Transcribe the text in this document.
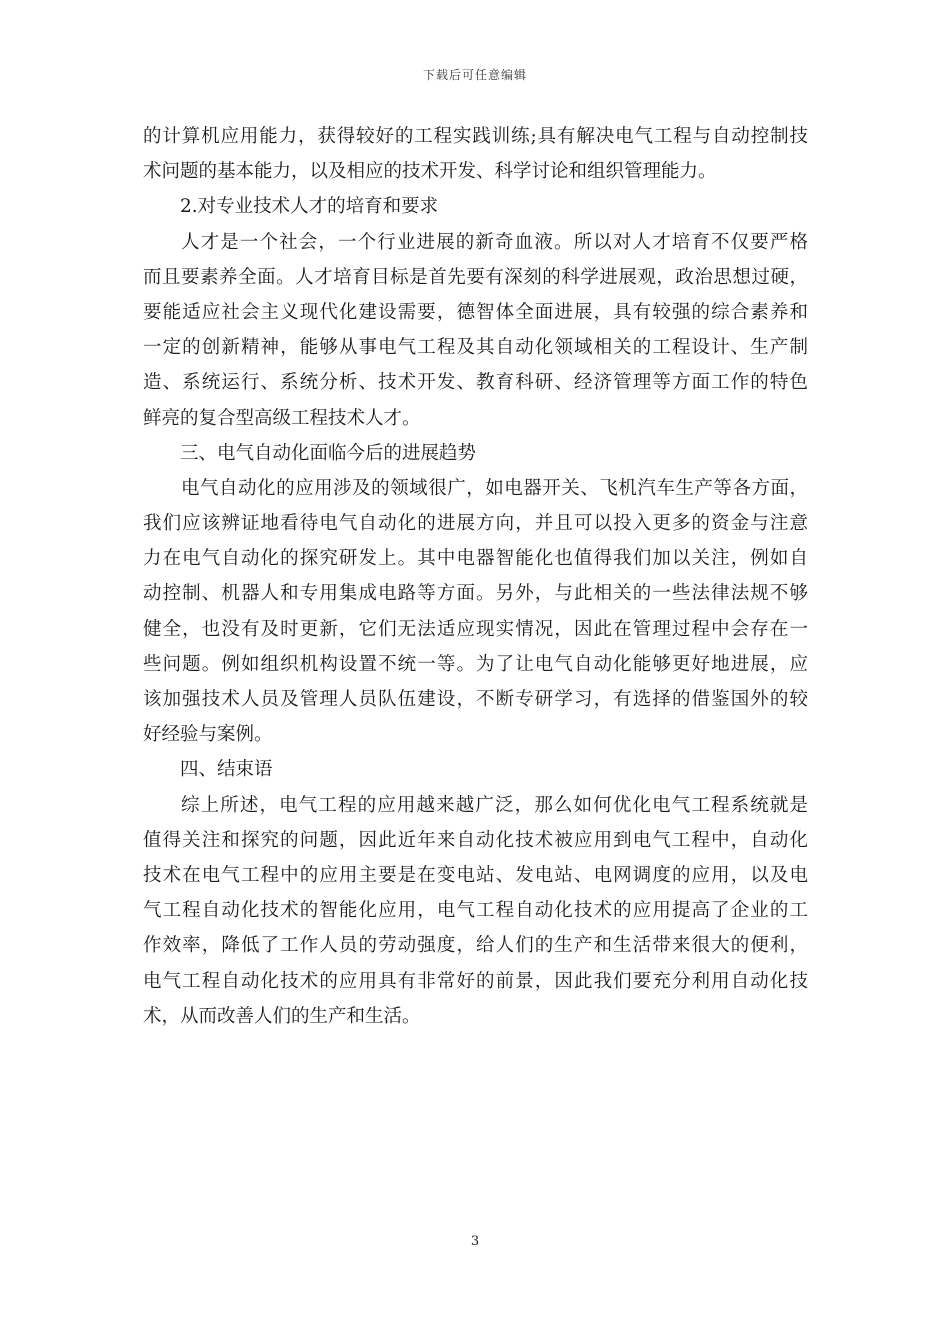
下载后可任意编辑
的计算机应用能力，获得较好的工程实践训练;具有解决电气工程与自动控制技
术问题的基本能力，以及相应的技术开发、科学讨论和组织管理能力。
2.对专业技术人才的培育和要求
人才是一个社会，一个行业进展的新奇血液。所以对人才培育不仅要严格
而且要素养全面。人才培育目标是首先要有深刻的科学进展观，政治思想过硬，
要能适应社会主义现代化建设需要，德智体全面进展，具有较强的综合素养和
一定的创新精神，能够从事电气工程及其自动化领域相关的工程设计、生产制
造、系统运行、系统分析、技术开发、教育科研、经济管理等方面工作的特色
鲜亮的复合型高级工程技术人才。
三、电气自动化面临今后的进展趋势
电气自动化的应用涉及的领域很广，如电器开关、飞机汽车生产等各方面，
我们应该辨证地看待电气自动化的进展方向，并且可以投入更多的资金与注意
力在电气自动化的探究研发上。其中电器智能化也值得我们加以关注，例如自
动控制、机器人和专用集成电路等方面。另外，与此相关的一些法律法规不够
健全，也没有及时更新，它们无法适应现实情况，因此在管理过程中会存在一
些问题。例如组织机构设置不统一等。为了让电气自动化能够更好地进展，应
该加强技术人员及管理人员队伍建设，不断专研学习，有选择的借鉴国外的较
好经验与案例。
四、结束语
综上所述，电气工程的应用越来越广泛，那么如何优化电气工程系统就是
值得关注和探究的问题，因此近年来自动化技术被应用到电气工程中，自动化
技术在电气工程中的应用主要是在变电站、发电站、电网调度的应用，以及电
气工程自动化技术的智能化应用，电气工程自动化技术的应用提高了企业的工
作效率，降低了工作人员的劳动强度，给人们的生产和生活带来很大的便利，
电气工程自动化技术的应用具有非常好的前景，因此我们要充分利用自动化技
术，从而改善人们的生产和生活。
3
